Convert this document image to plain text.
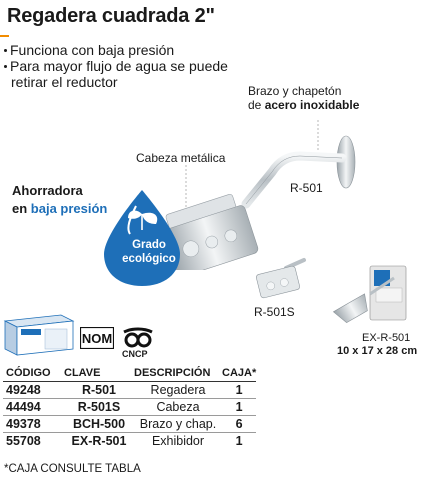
Regadera cuadrada 2"
Funciona con baja presión
Para mayor flujo de agua se puede
retirar el reductor
Brazo y chapetón
de acero inoxidable
Cabeza metálica
R-501
R-501S
EX-R-501
10 x 17 x 28 cm
Ahorradora
en baja presión
Grado
ecológico
NOM
CNCP
CÓDIGO	CLAVE	DESCRIPCIÓN	CAJA*
49248	R-501	Regadera	1
44494	R-501S	Cabeza	1
49378	BCH-500	Brazo y chap.	6
55708	EX-R-501	Exhibidor	1
*CAJA CONSULTE TABLA
